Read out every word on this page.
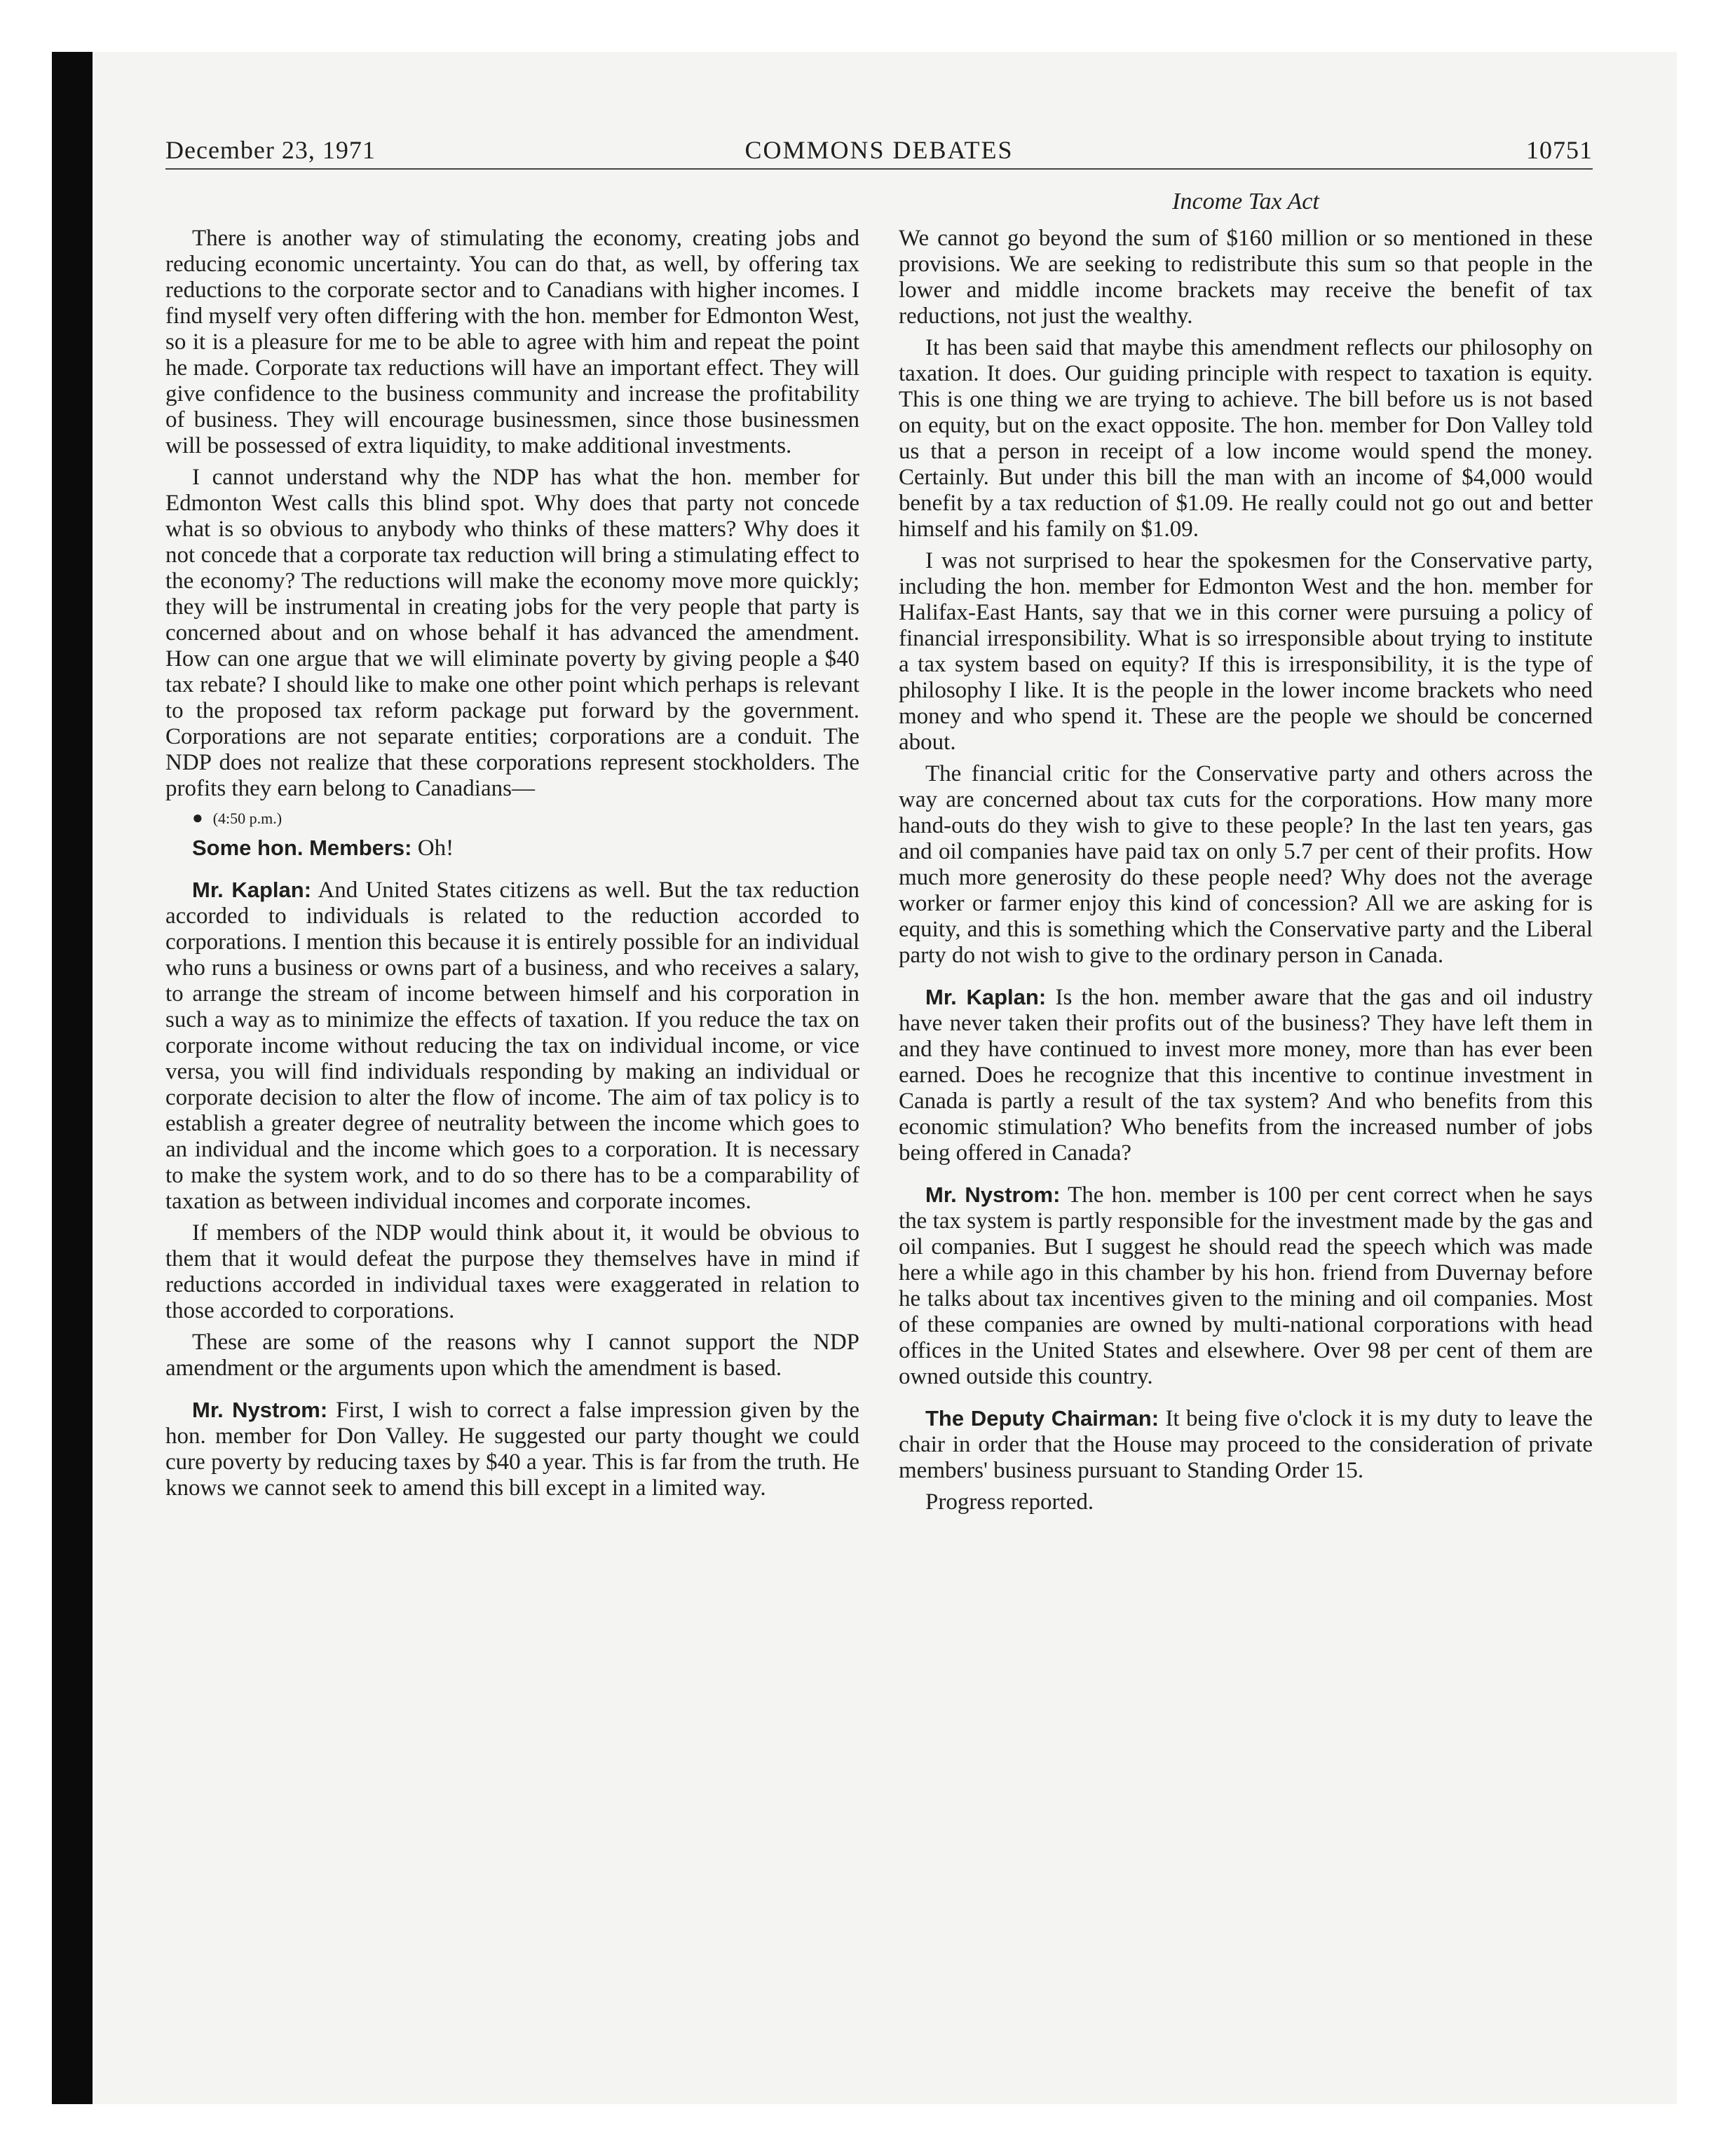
December 23, 1971	COMMONS DEBATES	10751
Income Tax Act

There is another way of stimulating the economy, creating jobs and reducing economic uncertainty. You can do that, as well, by offering tax reductions to the corporate sector and to Canadians with higher incomes. I find myself very often differing with the hon. member for Edmonton West, so it is a pleasure for me to be able to agree with him and repeat the point he made. Corporate tax reductions will have an important effect. They will give confidence to the business community and increase the profitability of business. They will encourage businessmen, since those businessmen will be possessed of extra liquidity, to make additional investments.

I cannot understand why the NDP has what the hon. member for Edmonton West calls this blind spot. Why does that party not concede what is so obvious to anybody who thinks of these matters? Why does it not concede that a corporate tax reduction will bring a stimulating effect to the economy? The reductions will make the economy move more quickly; they will be instrumental in creating jobs for the very people that party is concerned about and on whose behalf it has advanced the amendment. How can one argue that we will eliminate poverty by giving people a $40 tax rebate? I should like to make one other point which perhaps is relevant to the proposed tax reform package put forward by the government. Corporations are not separate entities; corporations are a conduit. The NDP does not realize that these corporations represent stockholders. The profits they earn belong to Canadians—

● (4:50 p.m.)

Some hon. Members: Oh!

Mr. Kaplan: And United States citizens as well. But the tax reduction accorded to individuals is related to the reduction accorded to corporations. I mention this because it is entirely possible for an individual who runs a business or owns part of a business, and who receives a salary, to arrange the stream of income between himself and his corporation in such a way as to minimize the effects of taxation. If you reduce the tax on corporate income without reducing the tax on individual income, or vice versa, you will find individuals responding by making an individual or corporate decision to alter the flow of income. The aim of tax policy is to establish a greater degree of neutrality between the income which goes to an individual and the income which goes to a corporation. It is necessary to make the system work, and to do so there has to be a comparability of taxation as between individual incomes and corporate incomes.

If members of the NDP would think about it, it would be obvious to them that it would defeat the purpose they themselves have in mind if reductions accorded in individual taxes were exaggerated in relation to those accorded to corporations.

These are some of the reasons why I cannot support the NDP amendment or the arguments upon which the amendment is based.

Mr. Nystrom: First, I wish to correct a false impression given by the hon. member for Don Valley. He suggested our party thought we could cure poverty by reducing taxes by $40 a year. This is far from the truth. He knows we cannot seek to amend this bill except in a limited way.

We cannot go beyond the sum of $160 million or so mentioned in these provisions. We are seeking to redistribute this sum so that people in the lower and middle income brackets may receive the benefit of tax reductions, not just the wealthy.

It has been said that maybe this amendment reflects our philosophy on taxation. It does. Our guiding principle with respect to taxation is equity. This is one thing we are trying to achieve. The bill before us is not based on equity, but on the exact opposite. The hon. member for Don Valley told us that a person in receipt of a low income would spend the money. Certainly. But under this bill the man with an income of $4,000 would benefit by a tax reduction of $1.09. He really could not go out and better himself and his family on $1.09.

I was not surprised to hear the spokesmen for the Conservative party, including the hon. member for Edmonton West and the hon. member for Halifax-East Hants, say that we in this corner were pursuing a policy of financial irresponsibility. What is so irresponsible about trying to institute a tax system based on equity? If this is irresponsibility, it is the type of philosophy I like. It is the people in the lower income brackets who need money and who spend it. These are the people we should be concerned about.

The financial critic for the Conservative party and others across the way are concerned about tax cuts for the corporations. How many more hand-outs do they wish to give to these people? In the last ten years, gas and oil companies have paid tax on only 5.7 per cent of their profits. How much more generosity do these people need? Why does not the average worker or farmer enjoy this kind of concession? All we are asking for is equity, and this is something which the Conservative party and the Liberal party do not wish to give to the ordinary person in Canada.

Mr. Kaplan: Is the hon. member aware that the gas and oil industry have never taken their profits out of the business? They have left them in and they have continued to invest more money, more than has ever been earned. Does he recognize that this incentive to continue investment in Canada is partly a result of the tax system? And who benefits from this economic stimulation? Who benefits from the increased number of jobs being offered in Canada?

Mr. Nystrom: The hon. member is 100 per cent correct when he says the tax system is partly responsible for the investment made by the gas and oil companies. But I suggest he should read the speech which was made here a while ago in this chamber by his hon. friend from Duvernay before he talks about tax incentives given to the mining and oil companies. Most of these companies are owned by multi-national corporations with head offices in the United States and elsewhere. Over 98 per cent of them are owned outside this country.

The Deputy Chairman: It being five o'clock it is my duty to leave the chair in order that the House may proceed to the consideration of private members' business pursuant to Standing Order 15.

Progress reported.
